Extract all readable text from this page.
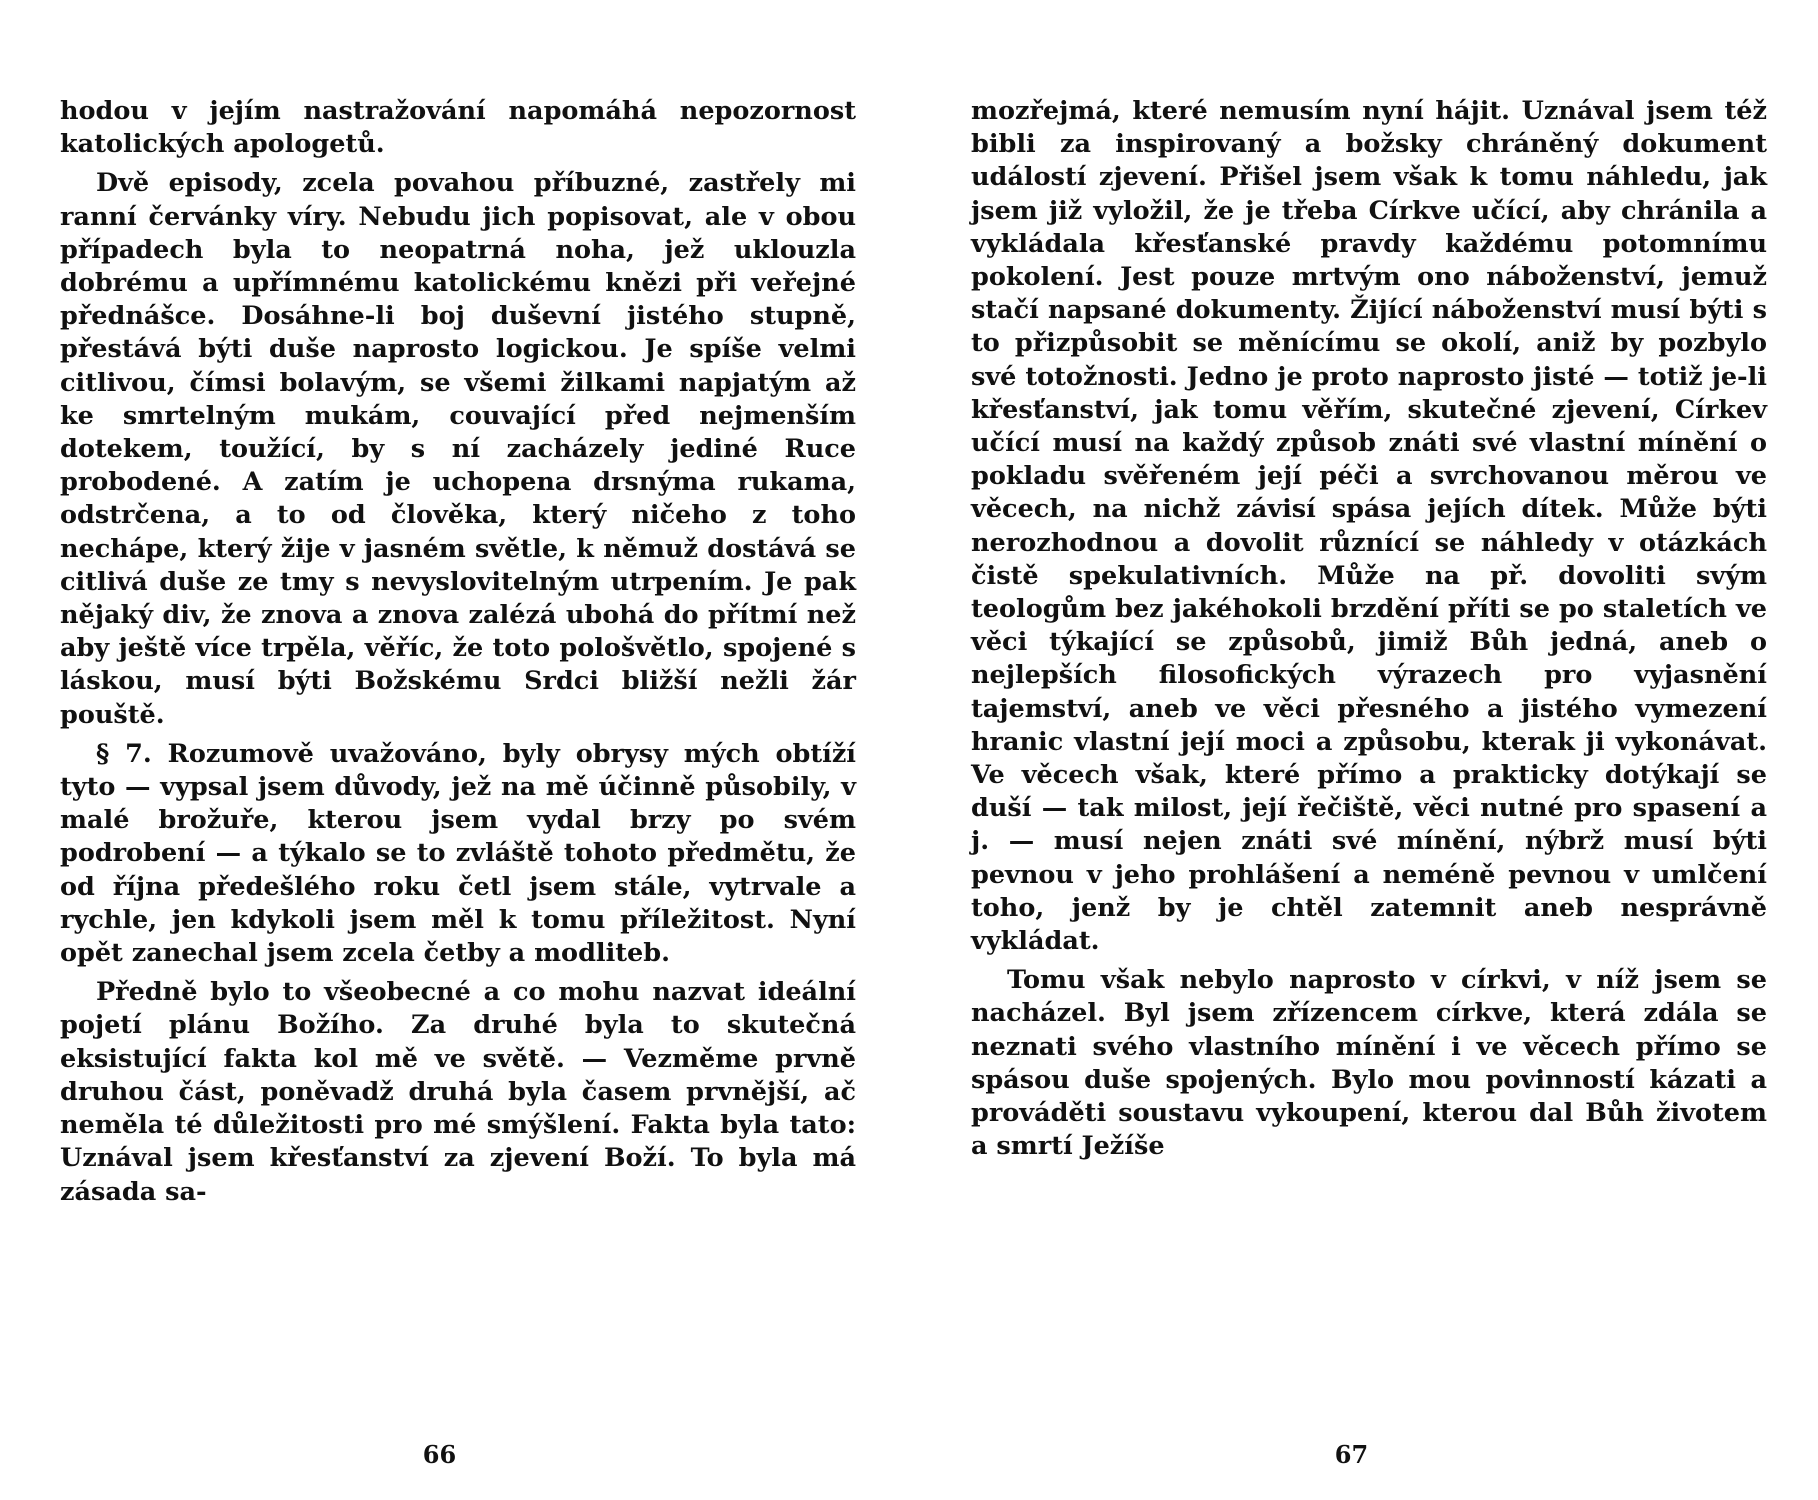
hodou v jejím nastražování napomáhá nepozornost katolických apologetů.

Dvě episody, zcela povahou příbuzné, zastřely mi ranní červánky víry. Nebudu jich popisovat, ale v obou případech byla to neopatrná noha, jež uklouzla dobrému a upřímnému katolickému knězi při veřejné přednášce. Dosáhne-li boj duševní jistého stupně, přestává býti duše naprosto logickou. Je spíše velmi citlivou, čímsi bolavým, se všemi žilkami napjatým až ke smrtelným mukám, couvající před nejmenším dotekem, toužící, by s ní zacházely jediné Ruce probodené. A zatím je uchopena drsnýma rukama, odstrčena, a to od člověka, který ničeho z toho nechápe, který žije v jasném světle, k němuž dostává se citlivá duše ze tmy s nevyslovitelným utrpením. Je pak nějaký div, že znova a znova zalézá ubohá do přítmí než aby ještě více trpěla, věříc, že toto pološvětlo, spojené s láskou, musí býti Božskému Srdci bližší nežli žár pouště.

§ 7. Rozumově uvažováno, byly obrysy mých obtíží tyto — vypsal jsem důvody, jež na mě účinně působily, v malé brožuře, kterou jsem vydal brzy po svém podrobení — a týkalo se to zvláště tohoto předmětu, že od října předešlého roku četl jsem stále, vytrvale a rychle, jen kdykoli jsem měl k tomu příležitost. Nyní opět zanechal jsem zcela četby a modliteb.

Předně bylo to všeobecné a co mohu nazvat ideální pojetí plánu Božího. Za druhé byla to skutečná eksistující fakta kol mě ve světě. — Vezměme prvně druhou část, poněvadž druhá byla časem prvnější, ač neměla té důležitosti pro mé smýšlení. Fakta byla tato: Uznával jsem křesťanství za zjevení Boží. To byla má zásada sa-

66

mozřejmá, které nemusím nyní hájit. Uznával jsem též bibli za inspirovaný a božsky chráněný dokument událostí zjevení. Přišel jsem však k tomu náhledu, jak jsem již vyložil, že je třeba Církve učící, aby chránila a vykládala křesťanské pravdy každému potomnímu pokolení. Jest pouze mrtvým ono náboženství, jemuž stačí napsané dokumenty. Žijící náboženství musí býti s to přizpůsobit se měnícímu se okolí, aniž by pozbylo své totožnosti. Jedno je proto naprosto jisté — totiž je-li křesťanství, jak tomu věřím, skutečné zjevení, Církev učící musí na každý způsob znáti své vlastní mínění o pokladu svěřeném její péči a svrchovanou měrou ve věcech, na nichž závisí spása jejích dítek. Může býti nerozhodnou a dovolit různící se náhledy v otázkách čistě spekulativních. Může na př. dovoliti svým teologům bez jakéhokoli brzdění příti se po staletích ve věci týkající se způsobů, jimiž Bůh jedná, aneb o nejlepších filosofických výrazech pro vyjasnění tajemství, aneb ve věci přesného a jistého vymezení hranic vlastní její moci a způsobu, kterak ji vykonávat. Ve věcech však, které přímo a prakticky dotýkají se duší — tak milost, její řečiště, věci nutné pro spasení a j. — musí nejen znáti své mínění, nýbrž musí býti pevnou v jeho prohlášení a neméně pevnou v umlčení toho, jenž by je chtěl zatemnit aneb nesprávně vykládat.

Tomu však nebylo naprosto v církvi, v níž jsem se nacházel. Byl jsem zřízencem církve, která zdála se neznati svého vlastního mínění i ve věcech přímo se spásou duše spojených. Bylo mou povinností kázati a prováděti soustavu vykoupení, kterou dal Bůh životem a smrtí Ježíše

67
